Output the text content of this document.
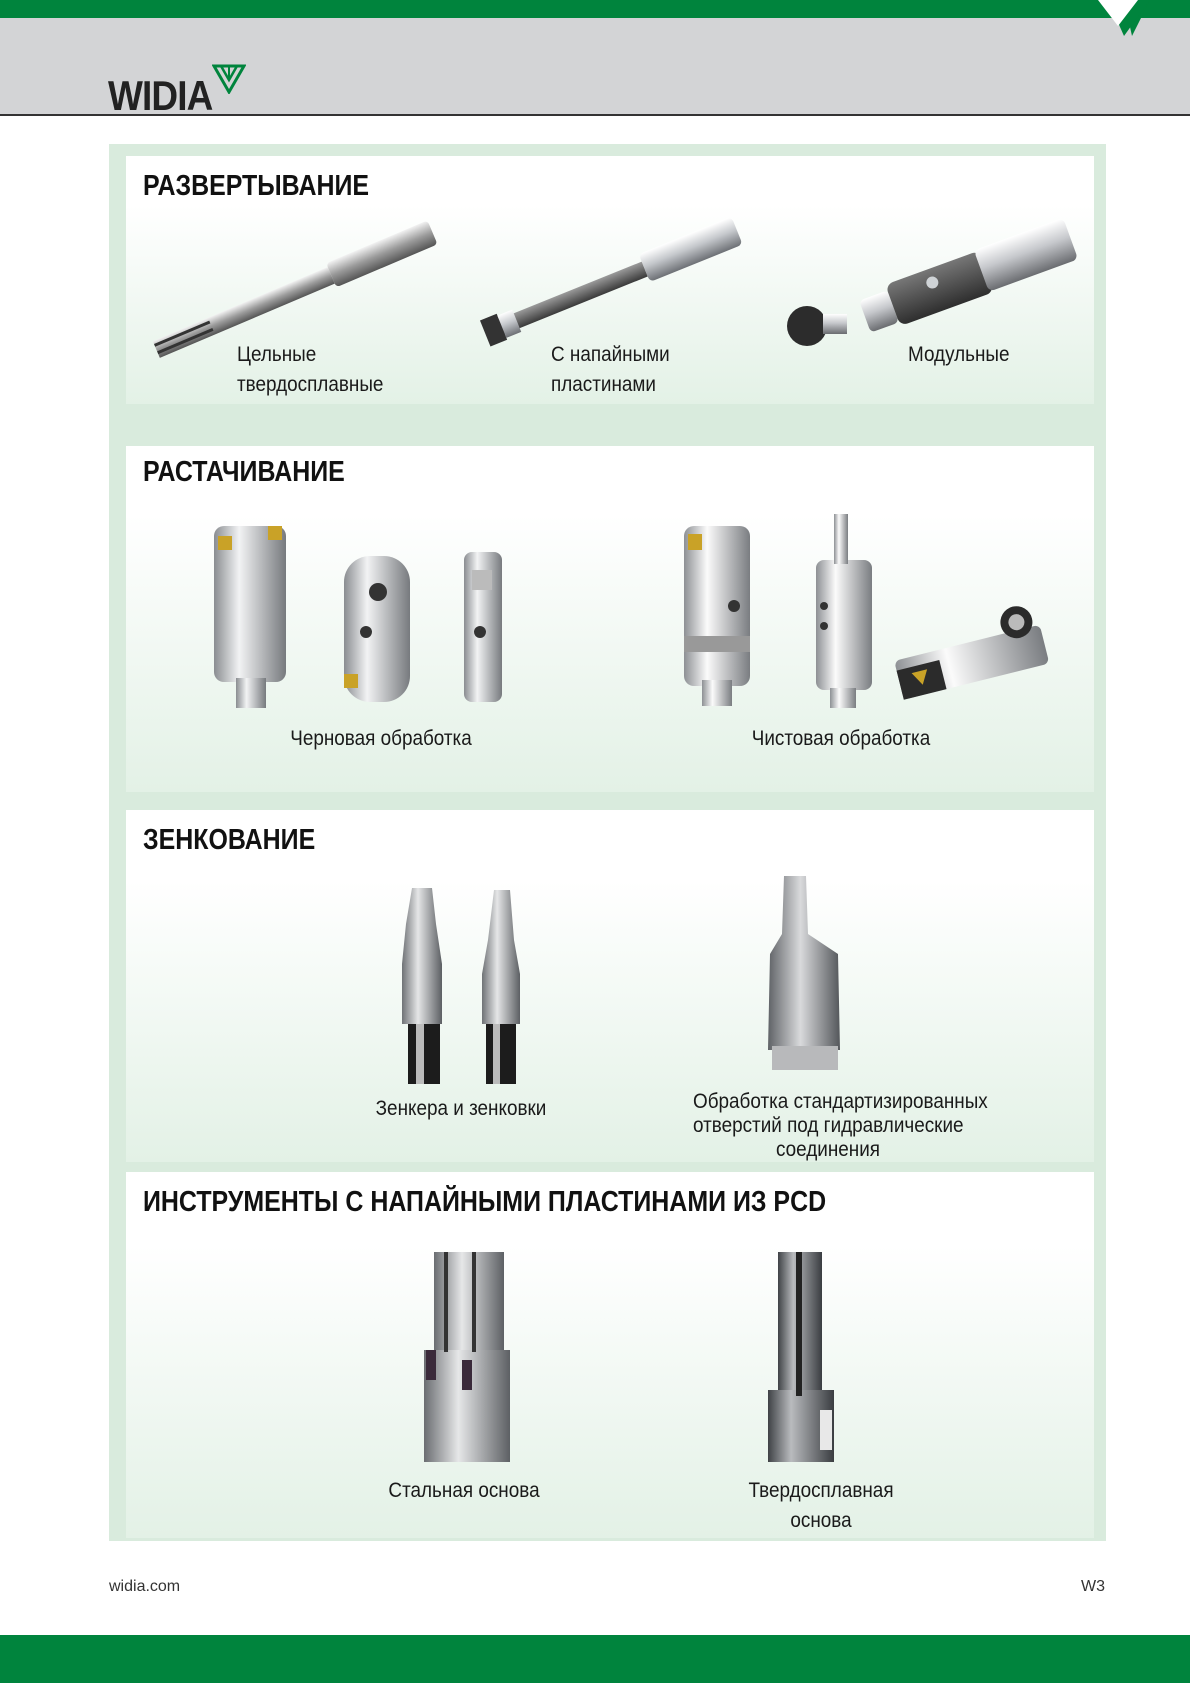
WIDIA
РАЗВЕРТЫВАНИЕ
Цельные
твердосплавные
С напайными
пластинами
Модульные
РАСТАЧИВАНИЕ
Черновая обработка	Чистовая обработка
ЗЕНКОВАНИЕ
Зенкера и зенковки	Обработка стандартизированных
отверстий под гидравлические
соединения
ИНСТРУМЕНТЫ С НАПАЙНЫМИ ПЛАСТИНАМИ ИЗ PCD
Стальная основа	Твердосплавная
основа
widia.com	W3
